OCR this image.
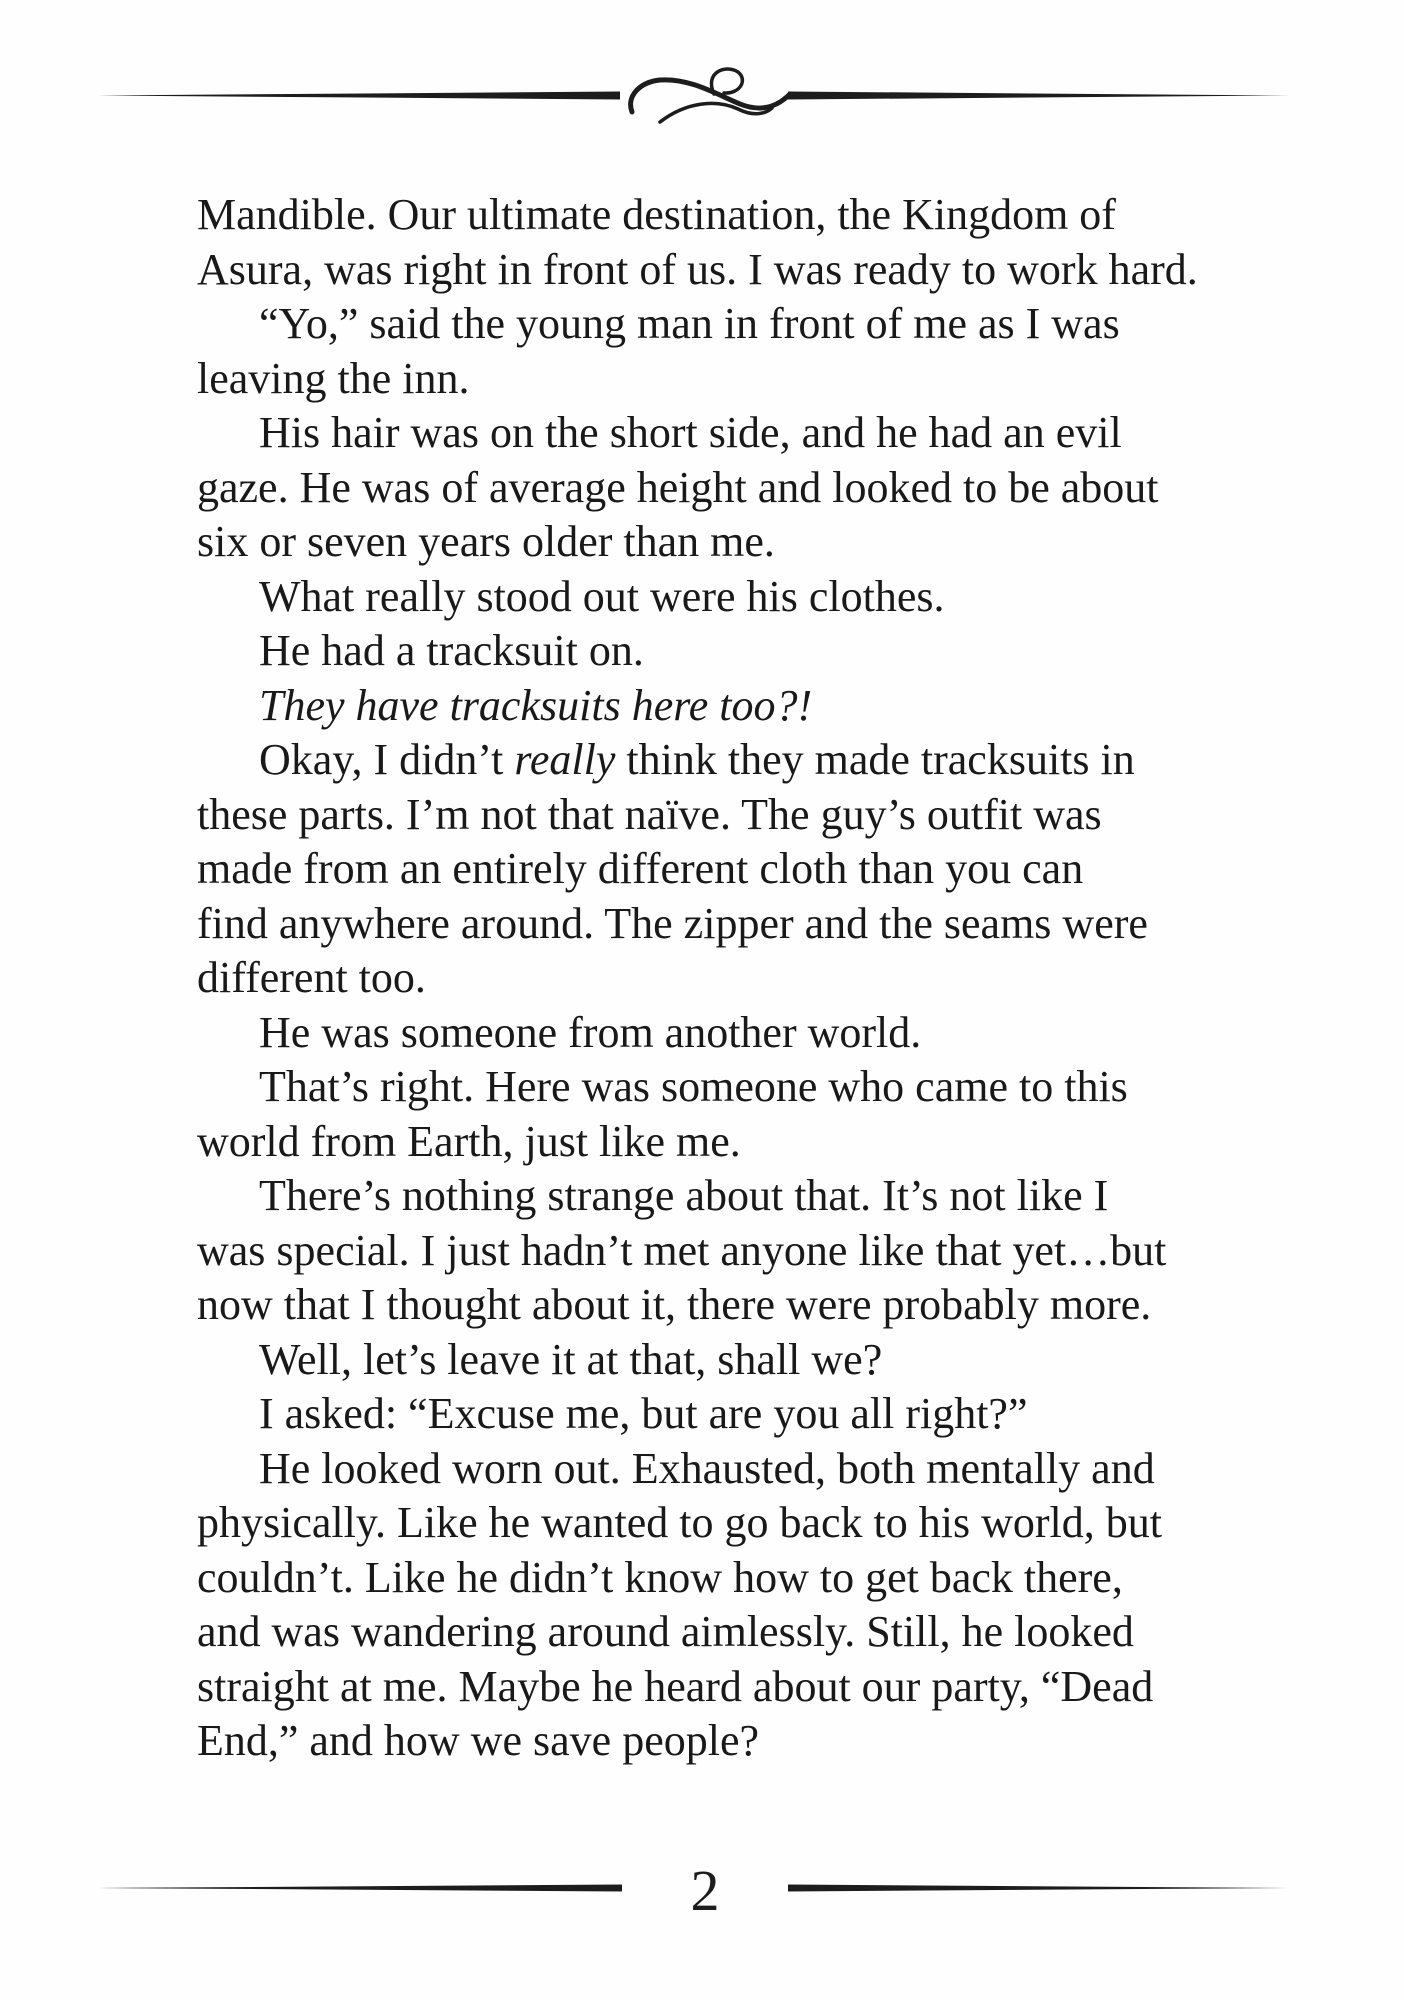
Mandible. Our ultimate destination, the Kingdom of
Asura, was right in front of us. I was ready to work hard.
“Yo,” said the young man in front of me as I was
leaving the inn.
His hair was on the short side, and he had an evil
gaze. He was of average height and looked to be about
six or seven years older than me.
What really stood out were his clothes.
He had a tracksuit on.
They have tracksuits here too?!
Okay, I didn’t really think they made tracksuits in
these parts. I’m not that naïve. The guy’s outfit was
made from an entirely different cloth than you can
find anywhere around. The zipper and the seams were
different too.
He was someone from another world.
That’s right. Here was someone who came to this
world from Earth, just like me.
There’s nothing strange about that. It’s not like I
was special. I just hadn’t met anyone like that yet…but
now that I thought about it, there were probably more.
Well, let’s leave it at that, shall we?
I asked: “Excuse me, but are you all right?”
He looked worn out. Exhausted, both mentally and
physically. Like he wanted to go back to his world, but
couldn’t. Like he didn’t know how to get back there,
and was wandering around aimlessly. Still, he looked
straight at me. Maybe he heard about our party, “Dead
End,” and how we save people?
2
